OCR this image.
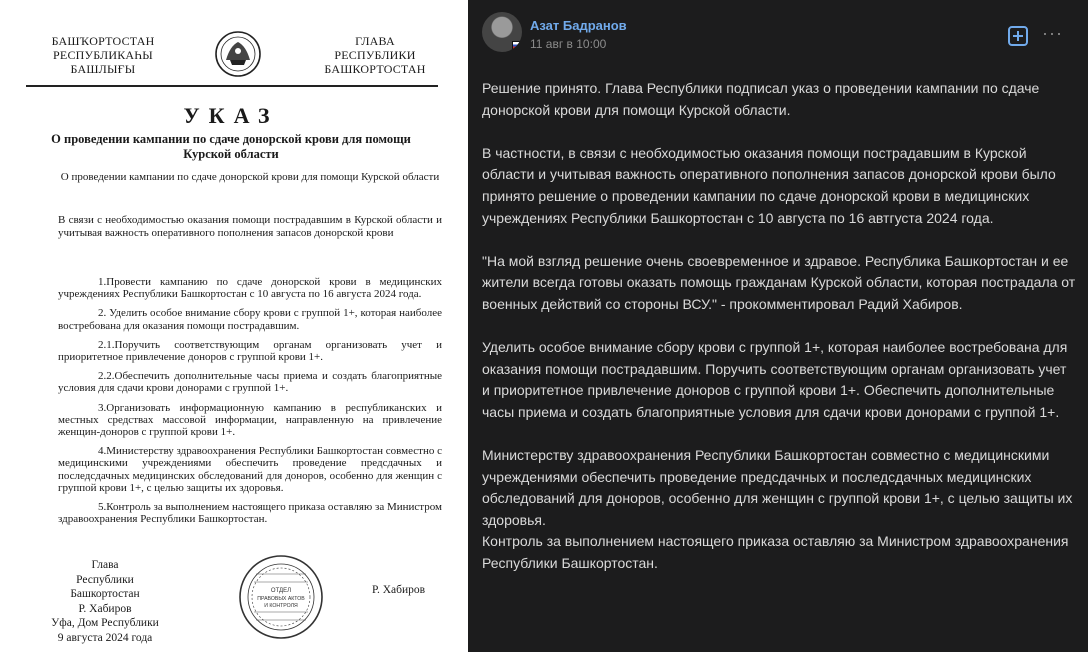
БАШҠОРТОСТАН
РЕСПУБЛИКАҺЫ
БАШЛЫҒЫ
ГЛАВА
РЕСПУБЛИКИ
БАШКОРТОСТАН
УКАЗ
О проведении кампании по сдаче донорской крови для помощи Курской области
О проведении кампании по сдаче донорской крови для помощи Курской области
В связи с необходимостью оказания помощи пострадавшим в Курской области и учитывая важность оперативного пополнения запасов донорской крови
1.Провести кампанию по сдаче донорской крови в медицинских учреждениях Республики Башкортостан с 10 августа по 16 августа 2024 года.
2. Уделить особое внимание сбору крови с группой 1+, которая наиболее востребована для оказания помощи пострадавшим.
2.1.Поручить соответствующим органам организовать учет и приоритетное привлечение доноров с группой крови 1+.
2.2.Обеспечить дополнительные часы приема и создать благоприятные условия для сдачи крови донорами с группой 1+.
3.Организовать информационную кампанию в республиканских и местных средствах массовой информации, направленную на привлечение женщин-доноров с группой крови 1+.
4.Министерству здравоохранения Республики Башкортостан совместно с медицинскими учреждениями обеспечить проведение предсдачных и последсдачных медицинских обследований для доноров, особенно для женщин с группой крови 1+, с целью защиты их здоровья.
5.Контроль за выполнением настоящего приказа оставляю за Министром здравоохранения Республики Башкортостан.
Глава
Республики
Башкортостан
Р. Хабиров
Уфа, Дом Республики
9 августа 2024 года
ОТДЕЛ
ПРАВОВЫХ АКТОВ
И КОНТРОЛЯ
Р. Хабиров
Азат Бадранов
11 авг в 10:00
···

Решение принято. Глава Республики подписал указ о проведении кампании по сдаче донорской крови для помощи Курской области.

В частности, в связи с необходимостью оказания помощи пострадавшим в Курской области и учитывая важность оперативного пополнения запасов донорской крови было принято решение о проведении кампании по сдаче донорской крови в медицинских учреждениях Республики Башкортостан с 10 августа по 16 автгуста 2024 года.

"На мой взгляд решение очень своевременное и здравое. Республика Башкортостан и ее жители всегда готовы оказать помощь гражданам Курской области, которая пострадала от военных действий со стороны ВСУ." - прокомментировал Радий Хабиров.

Уделить особое внимание сбору крови с группой 1+, которая наиболее востребована для оказания помощи пострадавшим. Поручить соответствующим органам организовать учет и приоритетное привлечение доноров с группой крови 1+. Обеспечить дополнительные часы приема и создать благоприятные условия для сдачи крови донорами с группой 1+.

Министерству здравоохранения Республики Башкортостан совместно с медицинскими учреждениями обеспечить проведение предсдачных и последсдачных медицинских обследований для доноров, особенно для женщин с группой крови 1+, с целью защиты их здоровья.

Контроль за выполнением настоящего приказа оставляю за Министром здравоохранения Республики Башкортостан.
